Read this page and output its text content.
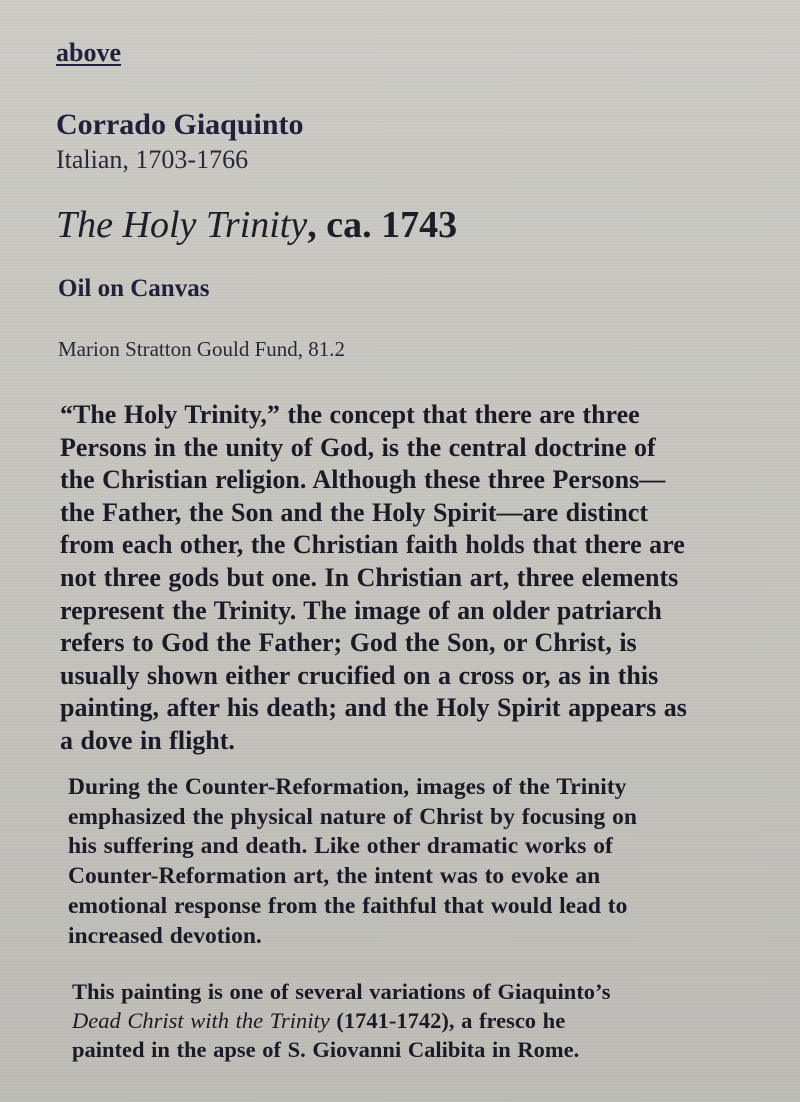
above
Corrado Giaquinto
Italian, 1703-1766
The Holy Trinity, ca. 1743
Oil on Canvas
Marion Stratton Gould Fund, 81.2
“The Holy Trinity,” the concept that there are three
Persons in the unity of God, is the central doctrine of
the Christian religion. Although these three Persons—
the Father, the Son and the Holy Spirit—are distinct
from each other, the Christian faith holds that there are
not three gods but one. In Christian art, three elements
represent the Trinity. The image of an older patriarch
refers to God the Father; God the Son, or Christ, is
usually shown either crucified on a cross or, as in this
painting, after his death; and the Holy Spirit appears as
a dove in flight.
During the Counter-Reformation, images of the Trinity
emphasized the physical nature of Christ by focusing on
his suffering and death. Like other dramatic works of
Counter-Reformation art, the intent was to evoke an
emotional response from the faithful that would lead to
increased devotion.
This painting is one of several variations of Giaquinto’s
Dead Christ with the Trinity (1741-1742), a fresco he
painted in the apse of S. Giovanni Calibita in Rome.
